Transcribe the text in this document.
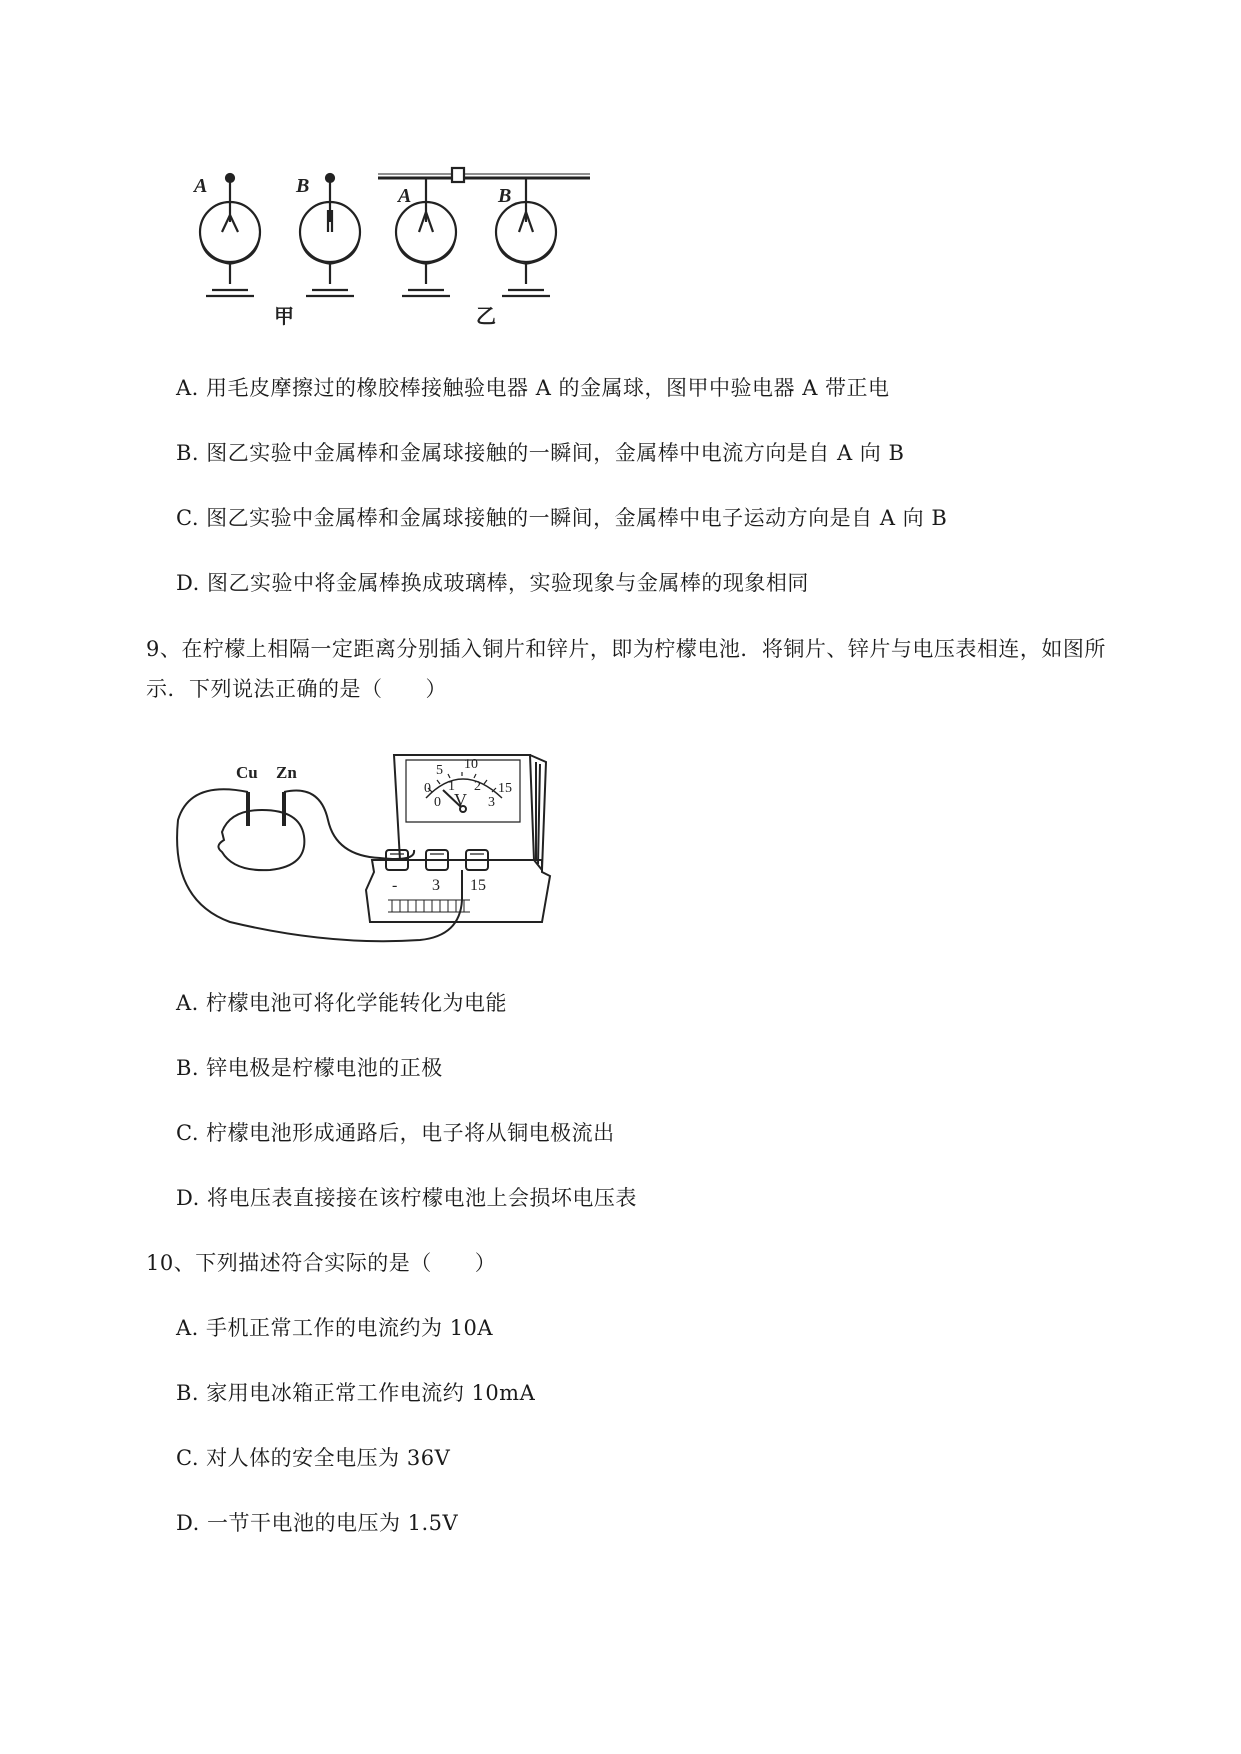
A	B	A	B
甲	乙
A. 用毛皮摩擦过的橡胶棒接触验电器 A 的金属球，图甲中验电器 A 带正电
B. 图乙实验中金属棒和金属球接触的一瞬间，金属棒中电流方向是自 A 向 B
C. 图乙实验中金属棒和金属球接触的一瞬间，金属棒中电子运动方向是自 A 向 B
D. 图乙实验中将金属棒换成玻璃棒，实验现象与金属棒的现象相同
9、在柠檬上相隔一定距离分别插入铜片和锌片，即为柠檬电池．将铜片、锌片与电压表相连，如图所
示．下列说法正确的是（　　）
Cu Zn
0
5 10
15
0
1 2
3
V
- 3 15
A. 柠檬电池可将化学能转化为电能
B. 锌电极是柠檬电池的正极
C. 柠檬电池形成通路后，电子将从铜电极流出
D. 将电压表直接接在该柠檬电池上会损坏电压表
10、下列描述符合实际的是（　　）
A. 手机正常工作的电流约为 10A
B. 家用电冰箱正常工作电流约 10mA
C. 对人体的安全电压为 36V
D. 一节干电池的电压为 1.5V
